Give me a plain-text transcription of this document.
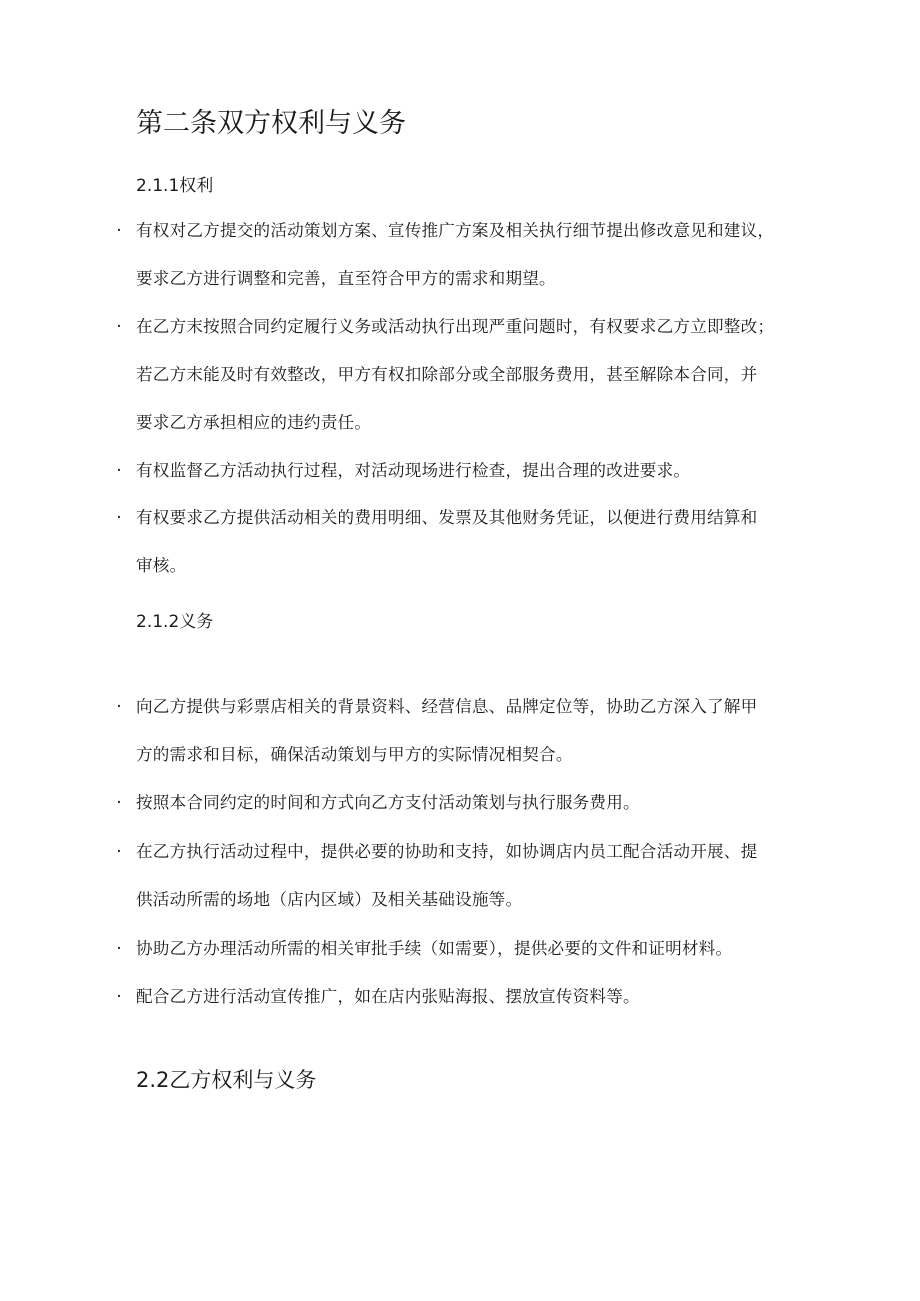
第二条双方权利与义务
2.1.1权利
· 有权对乙方提交的活动策划方案、宣传推广方案及相关执行细节提出修改意见和建议，
要求乙方进行调整和完善，直至符合甲方的需求和期望。
· 在乙方末按照合同约定履行义务或活动执行出现严重问题时，有权要求乙方立即整改；
若乙方末能及时有效整改，甲方有权扣除部分或全部服务费用，甚至解除本合同，并
要求乙方承担相应的违约责任。
· 有权监督乙方活动执行过程，对活动现场进行检查，提出合理的改进要求。
· 有权要求乙方提供活动相关的费用明细、发票及其他财务凭证，以便进行费用结算和
审核。
2.1.2义务
· 向乙方提供与彩票店相关的背景资料、经营信息、品牌定位等，协助乙方深入了解甲
方的需求和目标，确保活动策划与甲方的实际情况相契合。
· 按照本合同约定的时间和方式向乙方支付活动策划与执行服务费用。
· 在乙方执行活动过程中，提供必要的协助和支持，如协调店内员工配合活动开展、提
供活动所需的场地（店内区域）及相关基础设施等。
· 协助乙方办理活动所需的相关审批手续（如需要），提供必要的文件和证明材料。
· 配合乙方进行活动宣传推广，如在店内张贴海报、摆放宣传资料等。
2.2乙方权利与义务
